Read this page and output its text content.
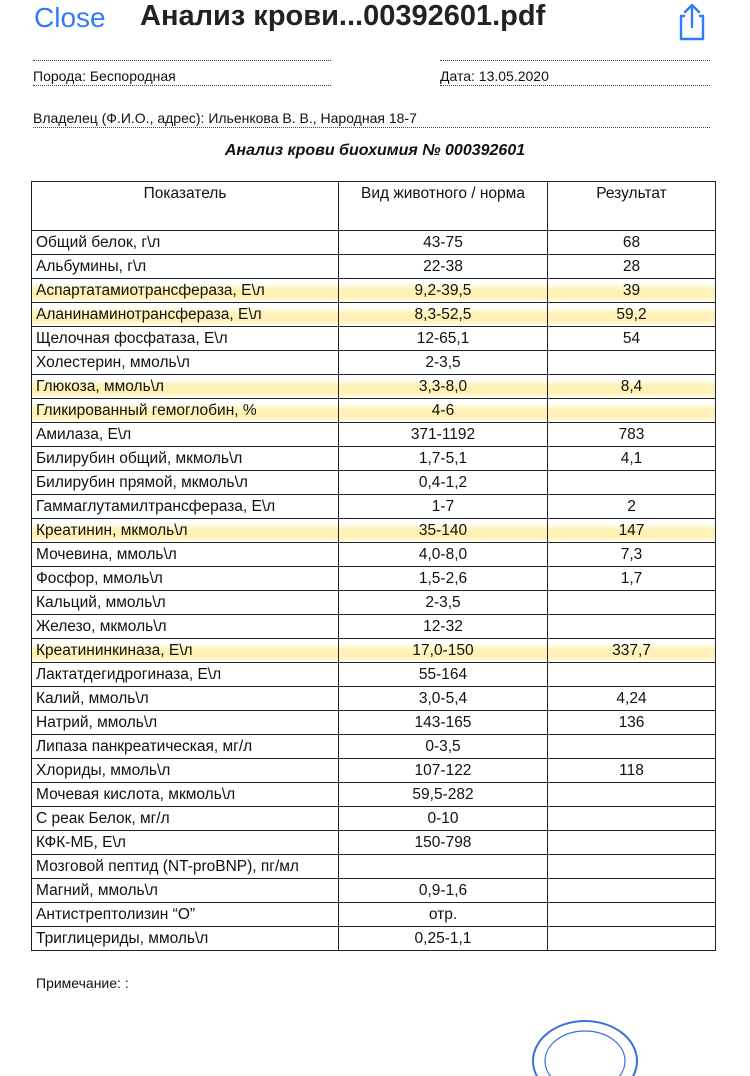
Порода: Беспородная	Дата: 13.05.2020
Владелец (Ф.И.О., адрес): Ильенкова В. В., Народная 18-7
Анализ крови биохимия № 000392601
Показатель	Вид животного / норма	Результат
Общий белок, г\л	43-75	68
Альбумины, г\л	22-38	28
Аспартатамиотрансфераза, Е\л	9,2-39,5	39
Аланинаминотрансфераза, Е\л	8,3-52,5	59,2
Щелочная фосфатаза, Е\л	12-65,1	54
Холестерин, ммоль\л	2-3,5	
Глюкоза, ммоль\л	3,3-8,0	8,4
Гликированный гемоглобин, %	4-6	
Амилаза, Е\л	371-1192	783
Билирубин общий, мкмоль\л	1,7-5,1	4,1
Билирубин прямой, мкмоль\л	0,4-1,2	
Гаммаглутамилтрансфераза, Е\л	1-7	2
Креатинин, мкмоль\л	35-140	147
Мочевина, ммоль\л	4,0-8,0	7,3
Фосфор, ммоль\л	1,5-2,6	1,7
Кальций, ммоль\л	2-3,5	
Железо, мкмоль\л	12-32	
Креатининкиназа, Е\л	17,0-150	337,7
Лактатдегидрогиназа, Е\л	55-164	
Калий, ммоль\л	3,0-5,4	4,24
Натрий, ммоль\л	143-165	136
Липаза панкреатическая, мг/л	0-3,5	
Хлориды, ммоль\л	107-122	118
Мочевая кислота, мкмоль\л	59,5-282	
С реак Белок, мг/л	0-10	
КФК-МБ, Е\л	150-798	
Мозговой пептид (NT-proBNP), пг/мл		
Магний, ммоль\л	0,9-1,6	
Антистрептолизин “О”	отр.	
Триглицериды, ммоль\л	0,25-1,1	
Примечание: :
Close Анализ крови...00392601.pdf
